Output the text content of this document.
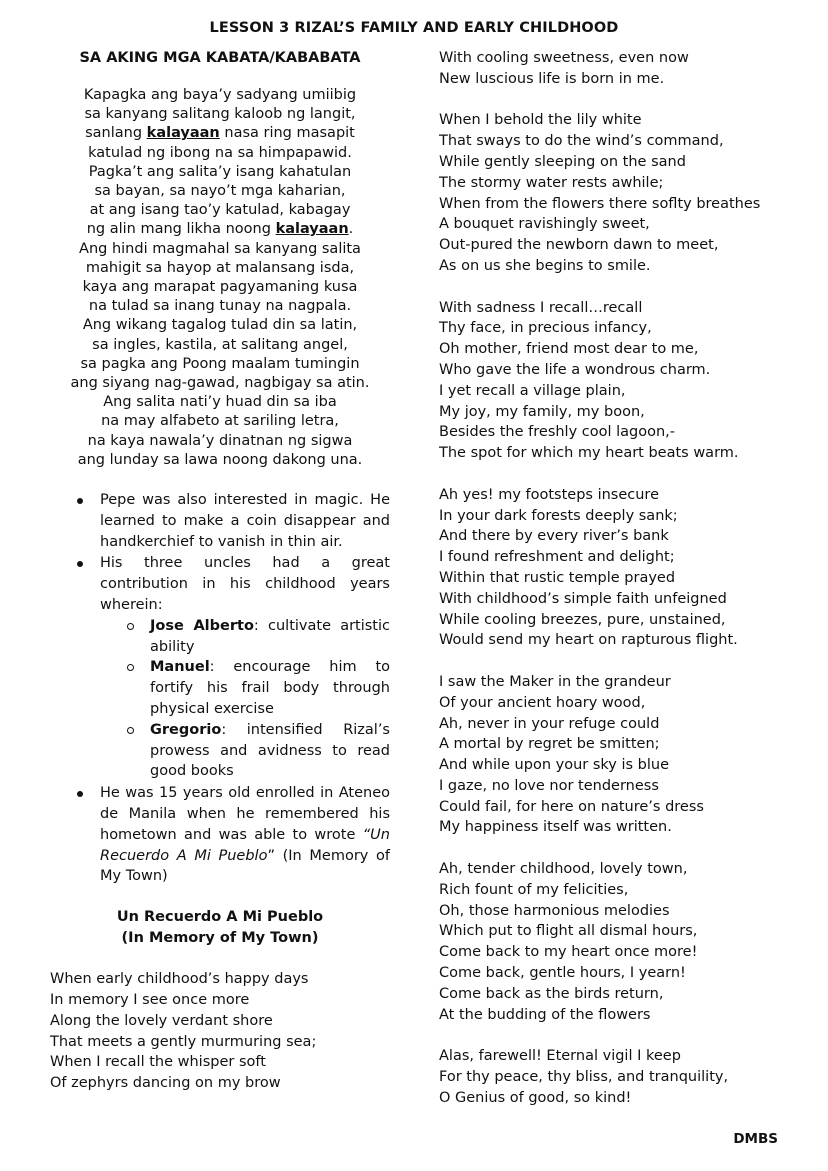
LESSON 3 RIZAL’S FAMILY AND EARLY CHILDHOOD
SA AKING MGA KABATA/KABABATA
Kapagka ang baya’y sadyang umiibig
sa kanyang salitang kaloob ng langit,
sanlang kalayaan nasa ring masapit
katulad ng ibong na sa himpapawid.
Pagka’t ang salita’y isang kahatulan
sa bayan, sa nayo’t mga kaharian,
at ang isang tao’y katulad, kabagay
ng alin mang likha noong kalayaan.
Ang hindi magmahal sa kanyang salita
mahigit sa hayop at malansang isda,
kaya ang marapat pagyamaning kusa
na tulad sa inang tunay na nagpala.
Ang wikang tagalog tulad din sa latin,
sa ingles, kastila, at salitang angel,
sa pagka ang Poong maalam tumingin
ang siyang nag-gawad, nagbigay sa atin.
Ang salita nati’y huad din sa iba
na may alfabeto at sariling letra,
na kaya nawala’y dinatnan ng sigwa
ang lunday sa lawa noong dakong una.
Pepe was also interested in magic. He learned to make a coin disappear and handkerchief to vanish in thin air.
His three uncles had a great contribution in his childhood years wherein:
Jose Alberto: cultivate artistic ability
Manuel: encourage him to fortify his frail body through physical exercise
Gregorio: intensified Rizal’s prowess and avidness to read good books
He was 15 years old enrolled in Ateneo de Manila when he remembered his hometown and was able to wrote “Un Recuerdo A Mi Pueblo” (In Memory of My Town)
Un Recuerdo A Mi Pueblo
(In Memory of My Town)
When early childhood’s happy days
In memory I see once more
Along the lovely verdant shore
That meets a gently murmuring sea;
When I recall the whisper soft
Of zephyrs dancing on my brow
With cooling sweetness, even now
New luscious life is born in me.
When I behold the lily white
That sways to do the wind’s command,
While gently sleeping on the sand
The stormy water rests awhile;
When from the flowers there soflty breathes
A bouquet ravishingly sweet,
Out-pured the newborn dawn to meet,
As on us she begins to smile.
With sadness I recall…recall
Thy face, in precious infancy,
Oh mother, friend most dear to me,
Who gave the life a wondrous charm.
I yet recall a village plain,
My joy, my family, my boon,
Besides the freshly cool lagoon,-
The spot for which my heart beats warm.
Ah yes! my footsteps insecure
In your dark forests deeply sank;
And there by every river’s bank
I found refreshment and delight;
Within that rustic temple prayed
With childhood’s simple faith unfeigned
While cooling breezes, pure, unstained,
Would send my heart on rapturous flight.
I saw the Maker in the grandeur
Of your ancient hoary wood,
Ah, never in your refuge could
A mortal by regret be smitten;
And while upon your sky is blue
I gaze, no love nor tenderness
Could fail, for here on nature’s dress
My happiness itself was written.
Ah, tender childhood, lovely town,
Rich fount of my felicities,
Oh, those harmonious melodies
Which put to flight all dismal hours,
Come back to my heart once more!
Come back, gentle hours, I yearn!
Come back as the birds return,
At the budding of the flowers
Alas, farewell! Eternal vigil I keep
For thy peace, thy bliss, and tranquility,
O Genius of good, so kind!
DMBS
